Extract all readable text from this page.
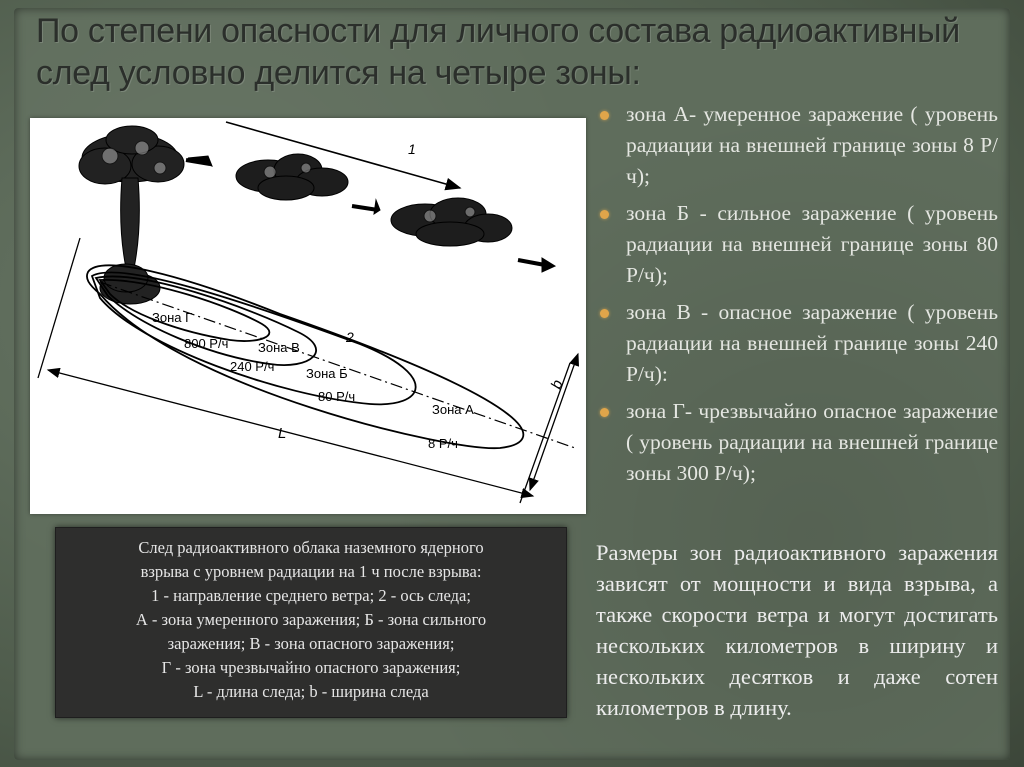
По степени опасности для личного состава радиоактивный след условно делится на четыре зоны:
1
2
L
b
Зона Г
800 Р/ч Зона В
240 Р/ч Зона Б
80 Р/ч
Зона А
8 Р/ч
След радиоактивного облака наземного ядерного
взрыва с уровнем радиации на 1 ч после взрыва:
1 - направление среднего ветра; 2 - ось следа;
А - зона умеренного заражения; Б - зона сильного
заражения; В - зона опасного заражения;
Г - зона чрезвычайно опасного заражения;
L - длина следа; b - ширина следа
зона А- умеренное заражение ( уровень радиации на внешней границе зоны 8 Р/ч);
зона Б - сильное заражение ( уровень радиации на внешней границе зоны 80 Р/ч);
зона В - опасное заражение ( уровень радиации на внешней границе зоны 240 Р/ч):
зона Г- чрезвычайно опасное заражение ( уровень радиации на внешней границе зоны 300 Р/ч);
Размеры зон радиоактивного заражения зависят от мощности и вида взрыва, а также скорости ветра и могут достигать нескольких километров в ширину и нескольких десятков и даже сотен километров в длину.
